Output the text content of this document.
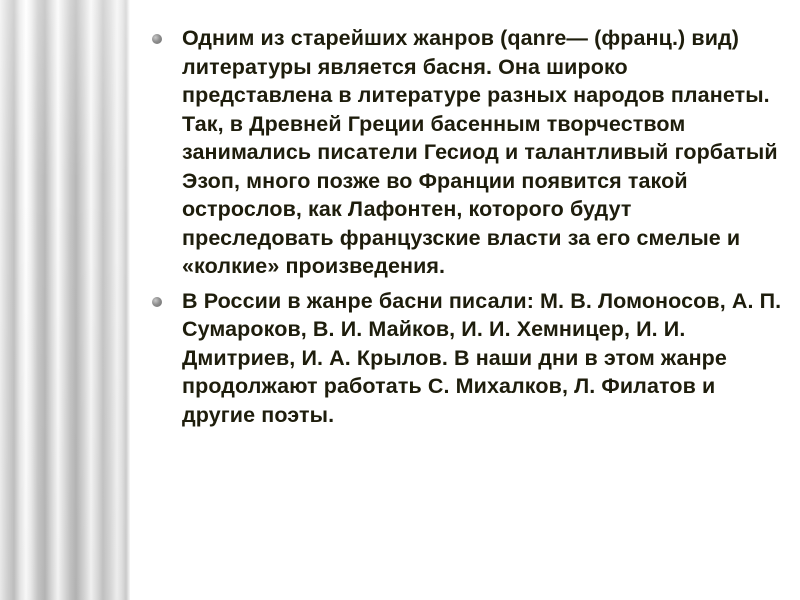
Одним из старейших жанров (qanre— (франц.) вид) литературы является басня. Она широко представлена в литературе разных народов планеты. Так, в Древней Греции басенным творчеством занимались писатели Гесиод и талантливый горбатый Эзоп, много позже во Франции появится такой острослов, как Лафонтен, которого будут преследовать французские власти за его смелые и «колкие» произведения.
В России в жанре басни писали: М. В. Ломоносов, А. П. Сумароков, В. И. Майков, И. И. Хемницер, И. И. Дмитриев, И. А. Крылов. В наши дни в этом жанре продолжают работать С. Михалков, Л. Филатов и другие поэты.
